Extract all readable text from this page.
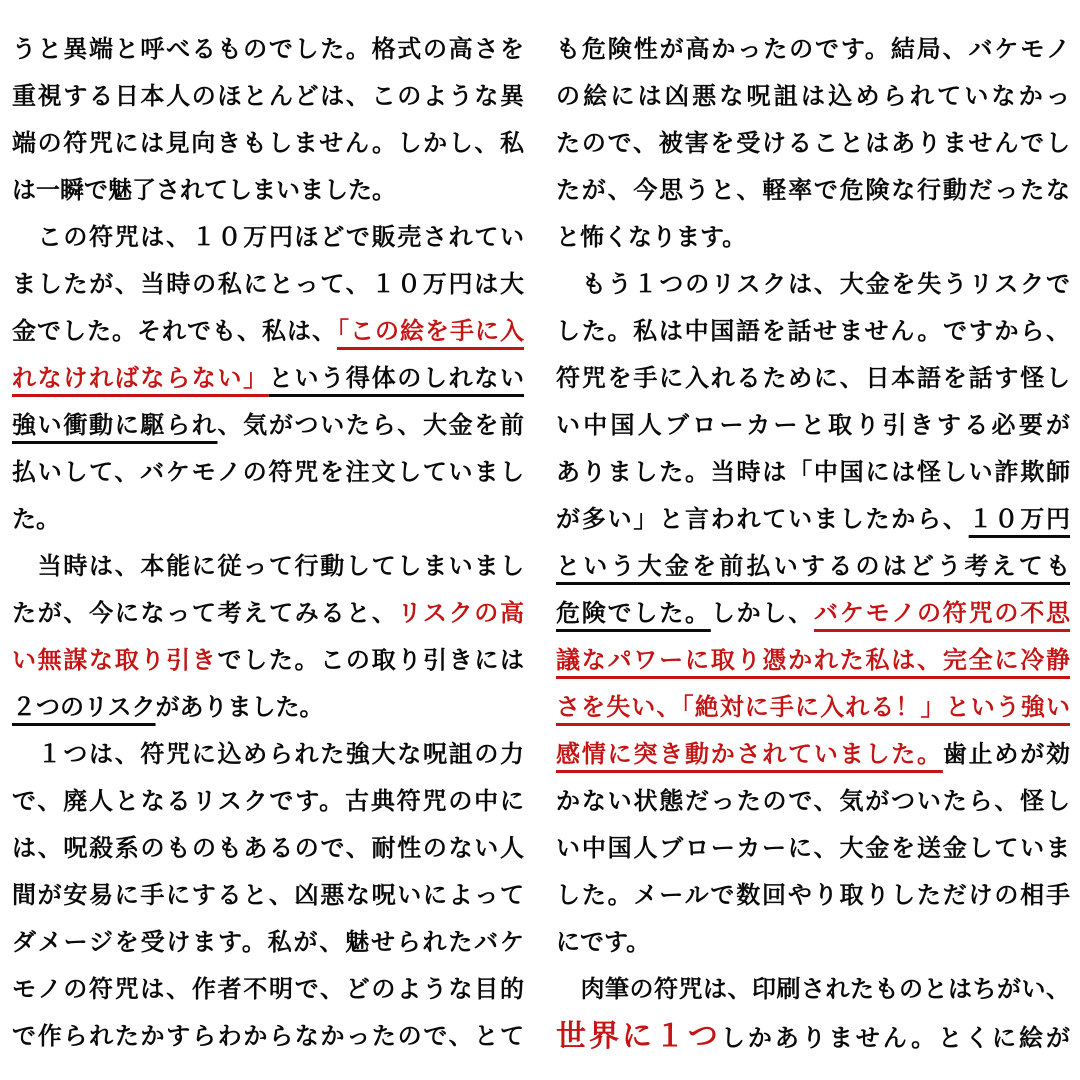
うと異端と呼べるものでした。格式の高さを
重視する日本人のほとんどは、このような異
端の符咒には見向きもしません。しかし、私
は一瞬で魅了されてしまいました。
　この符咒は、１０万円ほどで販売されてい
ましたが、当時の私にとって、１０万円は大
金でした。それでも、私は、「この絵を手に入
れなければならない」という得体のしれない
強い衝動に駆られ、気がついたら、大金を前
払いして、バケモノの符咒を注文していまし
た。
　当時は、本能に従って行動してしまいまし
たが、今になって考えてみると、リスクの高
い無謀な取り引きでした。この取り引きには
２つのリスクがありました。
　１つは、符咒に込められた強大な呪詛の力
で、廃人となるリスクです。古典符咒の中に
は、呪殺系のものもあるので、耐性のない人
間が安易に手にすると、凶悪な呪いによって
ダメージを受けます。私が、魅せられたバケ
モノの符咒は、作者不明で、どのような目的
で作られたかすらわからなかったので、とて
も危険性が高かったのです。結局、バケモノ
の絵には凶悪な呪詛は込められていなかっ
たので、被害を受けることはありませんでし
たが、今思うと、軽率で危険な行動だったな
と怖くなります。
　もう１つのリスクは、大金を失うリスクで
した。私は中国語を話せません。ですから、
符咒を手に入れるために、日本語を話す怪し
い中国人ブローカーと取り引きする必要が
ありました。当時は「中国には怪しい詐欺師
が多い」と言われていましたから、１０万円
という大金を前払いするのはどう考えても
危険でした。しかし、バケモノの符咒の不思
議なパワーに取り憑かれた私は、完全に冷静
さを失い、「絶対に手に入れる！」という強い
感情に突き動かされていました。歯止めが効
かない状態だったので、気がついたら、怪し
い中国人ブローカーに、大金を送金していま
した。メールで数回やり取りしただけの相手
にです。
　肉筆の符咒は、印刷されたものとはちがい、
世界に１つしかありません。とくに絵が
